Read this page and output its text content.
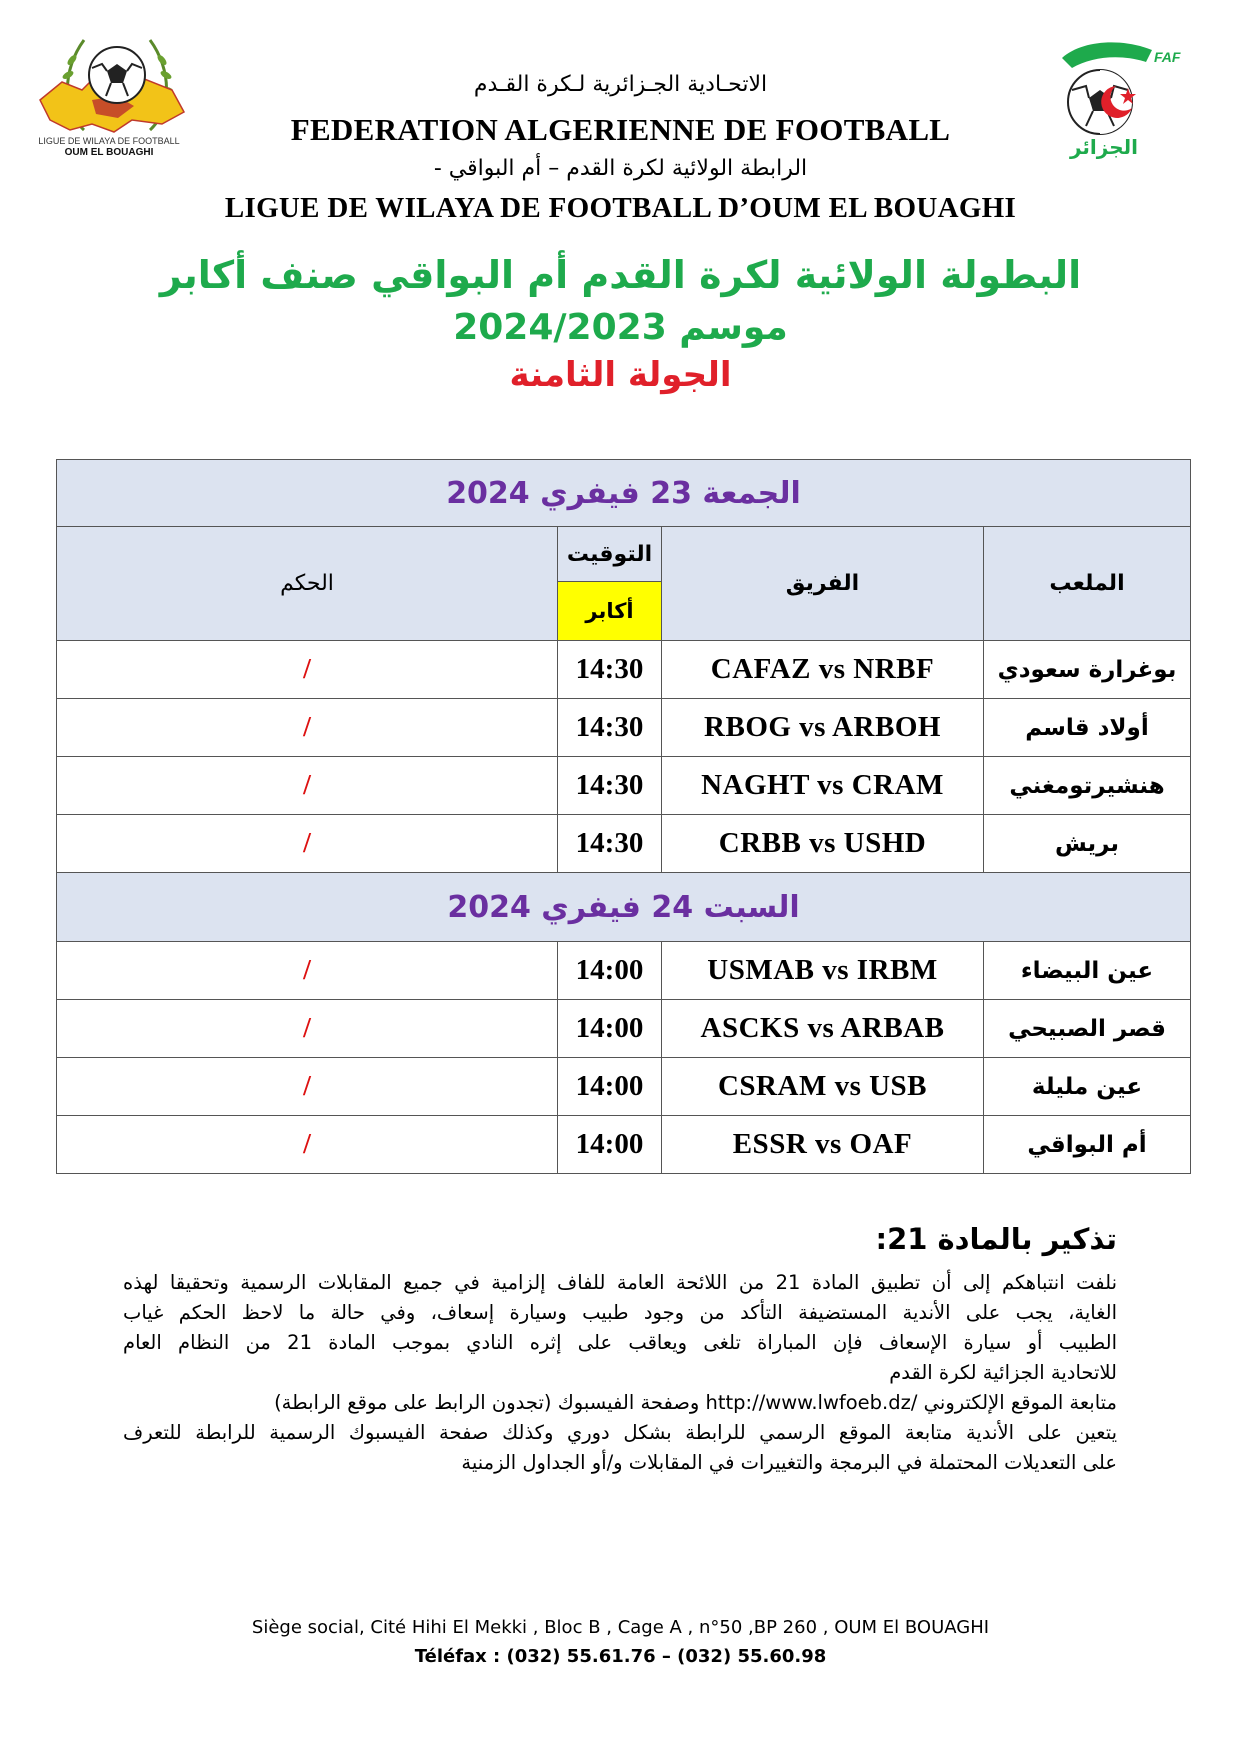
LIGUE DE WILAYA DE FOOTBALL
OUM EL BOUAGHI
FAF
الجزائر
الاتحـادية الجـزائرية لـكرة القـدم
FEDERATION ALGERIENNE DE FOOTBALL
الرابطة الولائية لكرة القدم – أم البواقي -
LIGUE DE WILAYA DE FOOTBALL D’OUM EL BOUAGHI
البطولة الولائية لكرة القدم أم البواقي صنف أكابر
موسم 2024/2023
الجولة الثامنة
الجمعة 23 فيفري 2024			
الحكم	التوقيت	الفريق	الملعب
	أكابر		
/	14:30	CAFAZ vs NRBF	بوغرارة سعودي
/	14:30	RBOG vs ARBOH	أولاد قاسم
/	14:30	NAGHT vs CRAM	هنشيرتومغني
/	14:30	CRBB vs USHD	بريش
السبت 24 فيفري 2024			
/	14:00	USMAB vs IRBM	عين البيضاء
/	14:00	ASCKS vs ARBAB	قصر الصبيحي
/	14:00	CSRAM vs USB	عين مليلة
/	14:00	ESSR vs OAF	أم البواقي
تذكير بالمادة 21:
نلفت انتباهكم إلى أن تطبيق المادة 21 من اللائحة العامة للفاف إلزامية في جميع المقابلات الرسمية وتحقيقا لهذه
الغاية، يجب على الأندية المستضيفة التأكد من وجود طبيب وسيارة إسعاف، وفي حالة ما لاحظ الحكم غياب
الطبيب أو سيارة الإسعاف فإن المباراة تلغى ويعاقب على إثره النادي بموجب المادة 21 من النظام العام
للاتحادية الجزائية لكرة القدم
متابعة الموقع الإلكتروني /http://www.lwfoeb.dz وصفحة الفيسبوك (تجدون الرابط على موقع الرابطة)
يتعين على الأندية متابعة الموقع الرسمي للرابطة بشكل دوري وكذلك صفحة الفيسبوك الرسمية للرابطة للتعرف
على التعديلات المحتملة في البرمجة والتغييرات في المقابلات و/أو الجداول الزمنية
Siège social, Cité Hihi El Mekki , Bloc B , Cage A , n°50 ,BP 260 , OUM El BOUAGHI
Téléfax : (032) 55.61.76 – (032) 55.60.98
